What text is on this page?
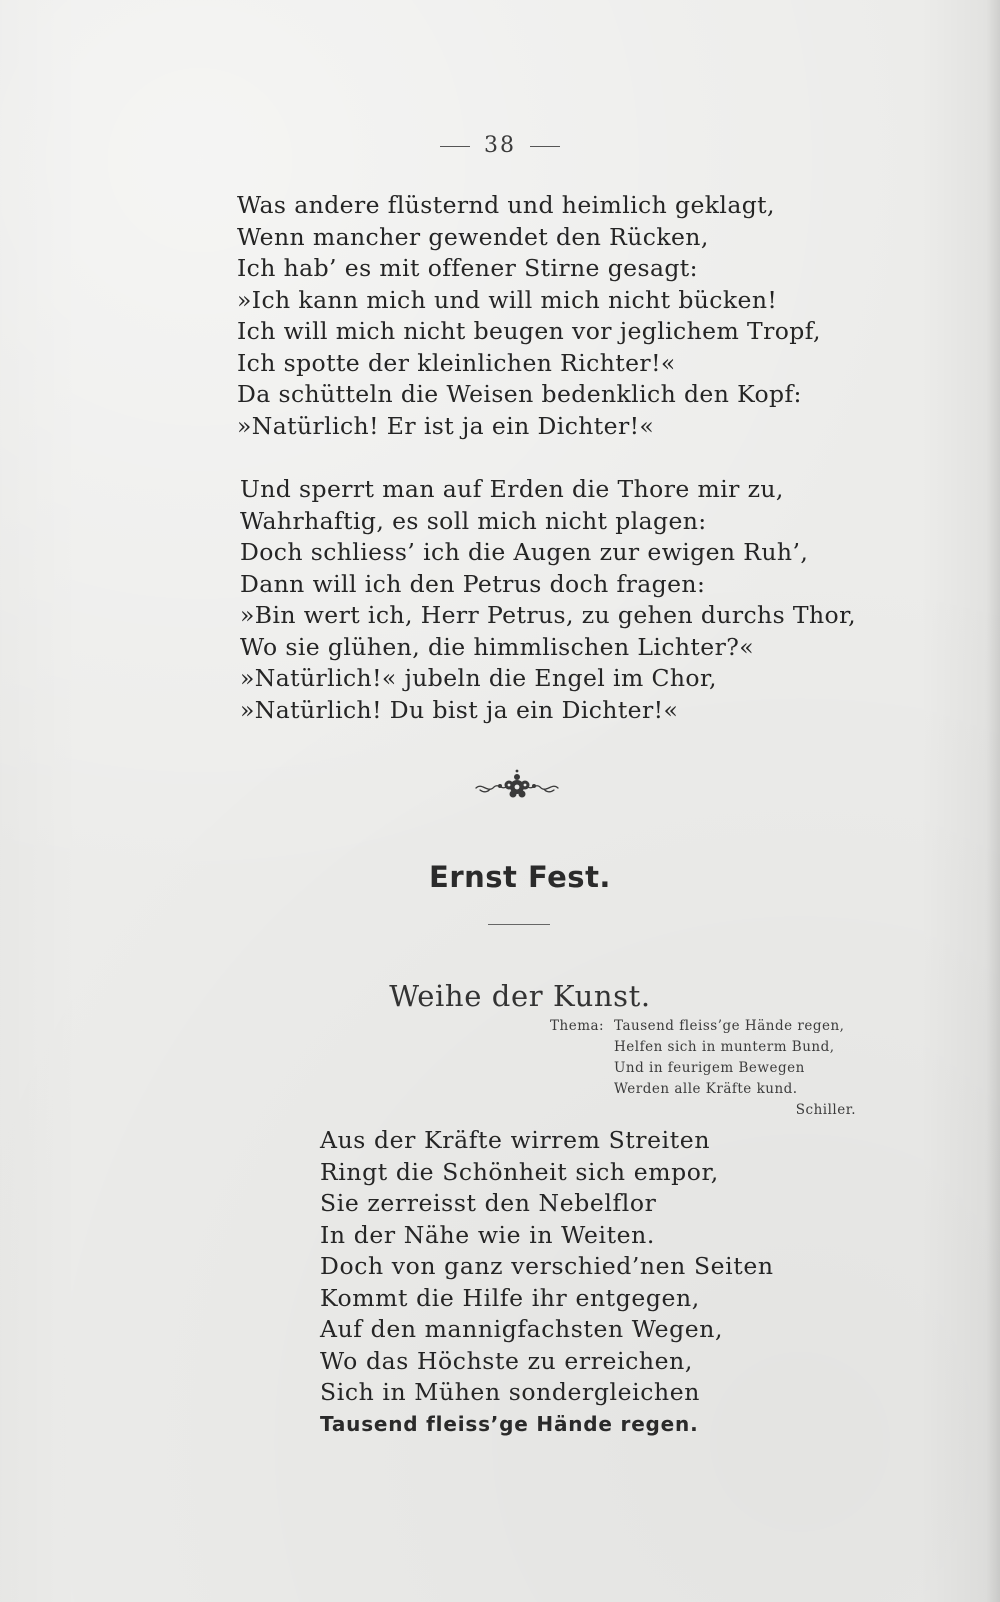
38
Was andere flüsternd und heimlich geklagt,
Wenn mancher gewendet den Rücken,
Ich hab’ es mit offener Stirne gesagt:
»Ich kann mich und will mich nicht bücken!
Ich will mich nicht beugen vor jeglichem Tropf,
Ich spotte der kleinlichen Richter!«
Da schütteln die Weisen bedenklich den Kopf:
»Natürlich! Er ist ja ein Dichter!«
Und sperrt man auf Erden die Thore mir zu,
Wahrhaftig, es soll mich nicht plagen:
Doch schliess’ ich die Augen zur ewigen Ruh’,
Dann will ich den Petrus doch fragen:
»Bin wert ich, Herr Petrus, zu gehen durchs Thor,
Wo sie glühen, die himmlischen Lichter?«
»Natürlich!« jubeln die Engel im Chor,
»Natürlich! Du bist ja ein Dichter!«
Ernst Fest.
Weihe der Kunst.
Thema: Tausend fleiss’ge Hände regen,
Helfen sich in munterm Bund,
Und in feurigem Bewegen
Werden alle Kräfte kund.
Schiller.
Aus der Kräfte wirrem Streiten
Ringt die Schönheit sich empor,
Sie zerreisst den Nebelflor
In der Nähe wie in Weiten.
Doch von ganz verschied’nen Seiten
Kommt die Hilfe ihr entgegen,
Auf den mannigfachsten Wegen,
Wo das Höchste zu erreichen,
Sich in Mühen sondergleichen
Tausend fleiss’ge Hände regen.
